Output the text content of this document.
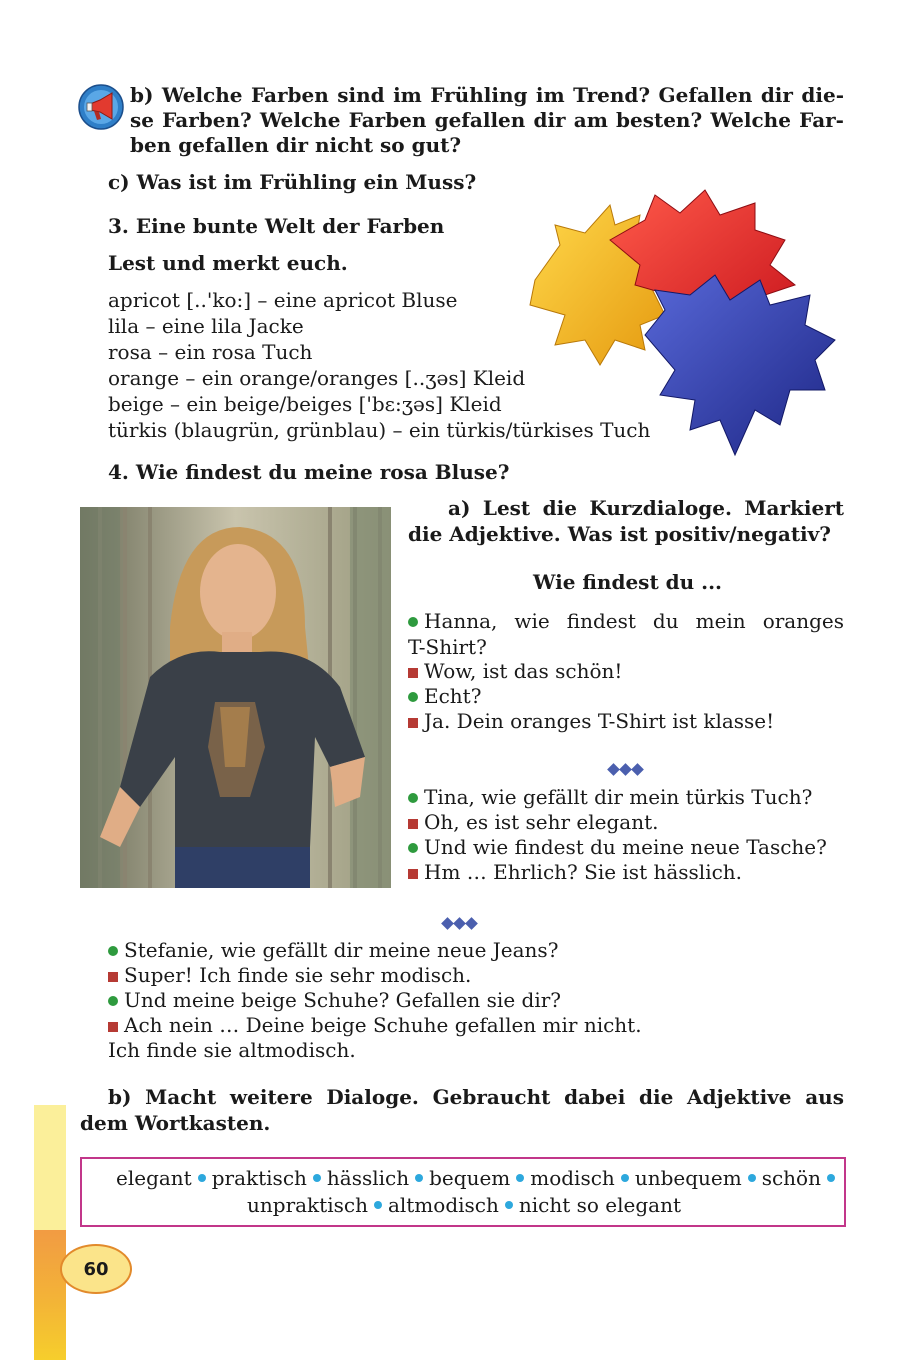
b) Welche Farben sind im Frühling im Trend? Gefallen dir die-
se Farben? Welche Farben gefallen dir am besten? Welche Far-
ben gefallen dir nicht so gut?
c) Was ist im Frühling ein Muss?
3. Eine bunte Welt der Farben
Lest und merkt euch.
apricot [..'ko:] – eine apricot Bluse
lila – eine lila Jacke
rosa – ein rosa Tuch
orange – ein orange/oranges [..ʒəs] Kleid
beige – ein beige/beiges ['bɛ:ʒəs] Kleid
türkis (blaugrün, grünblau) – ein türkis/türkises Tuch
4. Wie findest du meine rosa Bluse?
a) Lest die Kurzdialoge. Markiert
die Adjektive. Was ist positiv/negativ?
Wie findest du ...
Hanna, wie findest du mein oranges
T-Shirt?
Wow, ist das schön!
Echt?
Ja. Dein oranges T-Shirt ist klasse!
Tina, wie gefällt dir mein türkis Tuch?
Oh, es ist sehr elegant.
Und wie findest du meine neue Tasche?
Hm … Ehrlich? Sie ist hässlich.
Stefanie, wie gefällt dir meine neue Jeans?
Super! Ich finde sie sehr modisch.
Und meine beige Schuhe? Gefallen sie dir?
Ach nein … Deine beige Schuhe gefallen mir nicht.
Ich finde sie altmodisch.
b) Macht weitere Dialoge. Gebraucht dabei die Adjektive aus
dem Wortkasten.
elegant praktisch hässlich bequem modisch unbequem schön
unpraktisch altmodisch nicht so elegant
60
